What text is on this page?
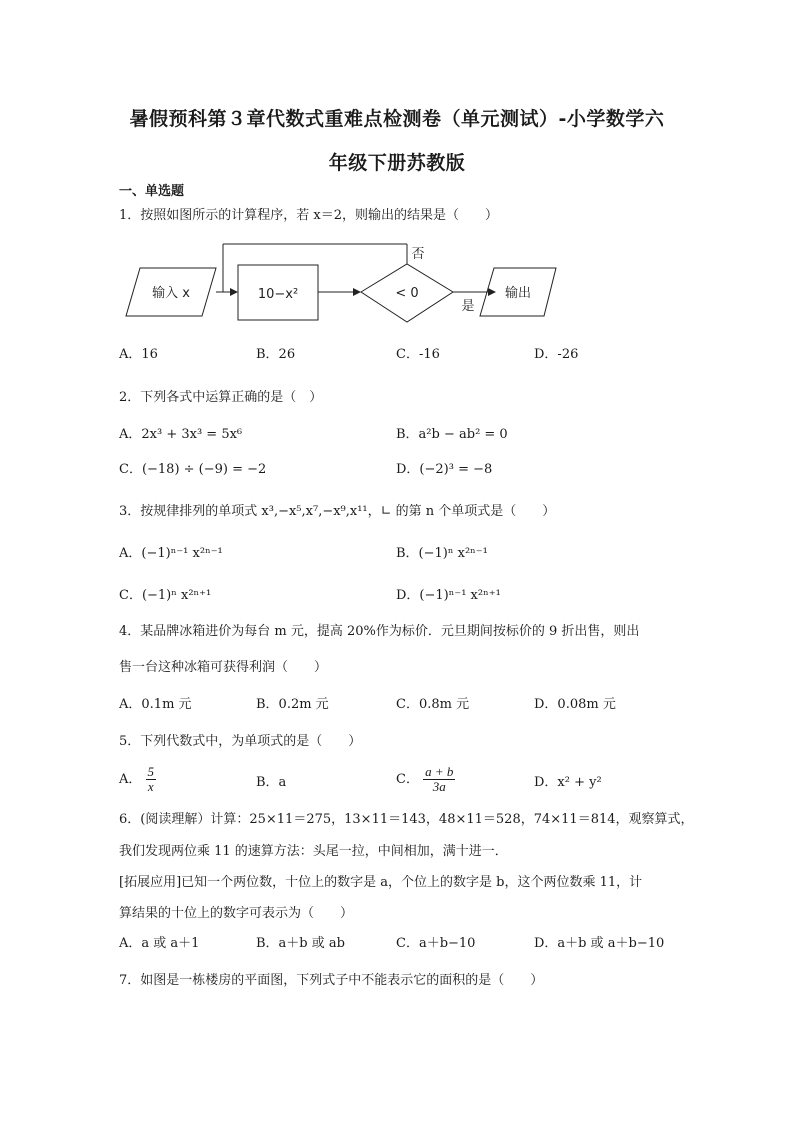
暑假预科第３章代数式重难点检测卷（单元测试）-小学数学六
年级下册苏教版
一、单选题
1．按照如图所示的计算程序，若 x＝2，则输出的结果是（　　）
输入 x	10−x²	< 0
否
是
输出
A．16	B．26	C．-16	D．-26
2．下列各式中运算正确的是（　）
A．2x³ + 3x³ = 5x⁶	B．a²b − ab² = 0
C．(−18) ÷ (−9) = −2	D．(−2)³ = −8
3．按规律排列的单项式 x³,−x⁵,x⁷,−x⁹,x¹¹，∟ 的第 n 个单项式是（　　）
A．(−1)ⁿ⁻¹ x²ⁿ⁻¹	B．(−1)ⁿ x²ⁿ⁻¹
C．(−1)ⁿ x²ⁿ⁺¹	D．(−1)ⁿ⁻¹ x²ⁿ⁺¹
4．某品牌冰箱进价为每台 m 元，提高 20%作为标价．元旦期间按标价的 9 折出售，则出
售一台这种冰箱可获得利润（　　）
A．0.1m 元	B．0.2m 元	C．0.8m 元	D．0.08m 元
5．下列代数式中，为单项式的是（　　）
A． $\frac{5}{x}$	B．a	C． $\frac{a + b}{3a}$	D．x² + y²
6．(阅读理解）计算：25×11＝275，13×11＝143，48×11＝528，74×11＝814，观察算式，
我们发现两位乘 11 的速算方法：头尾一拉，中间相加，满十进一．
[拓展应用]已知一个两位数，十位上的数字是 a，个位上的数字是 b，这个两位数乘 11，计
算结果的十位上的数字可表示为（　　）
A．a 或 a＋1	B．a＋b 或 ab	C．a＋b−10	D．a＋b 或 a＋b−10
7．如图是一栋楼房的平面图，下列式子中不能表示它的面积的是（　　）
